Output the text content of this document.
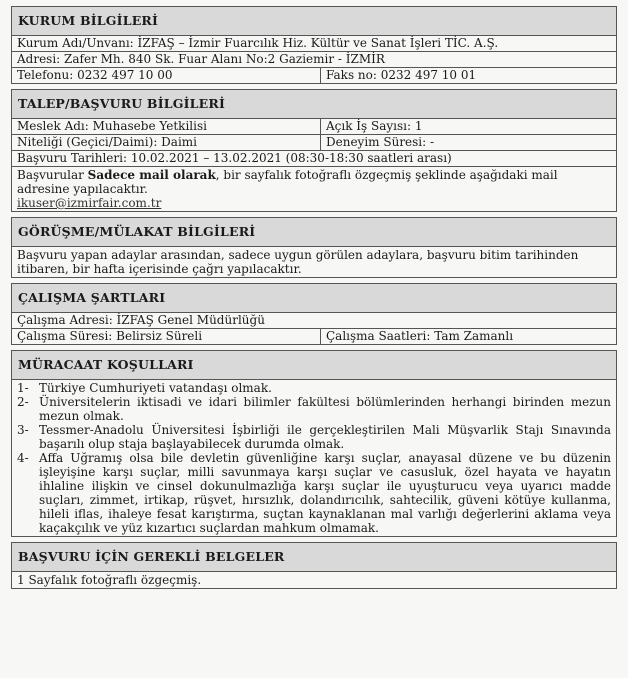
KURUM BİLGİLERİ
Kurum Adı/Unvanı: İZFAŞ – İzmir Fuarcılık Hiz. Kültür ve Sanat İşleri TİC. A.Ş.
Adresi: Zafer Mh. 840 Sk. Fuar Alanı No:2 Gaziemir - İZMİR
Telefonu: 0232 497 10 00	Faks no: 0232 497 10 01
TALEP/BAŞVURU BİLGİLERİ
Meslek Adı: Muhasebe Yetkilisi	Açık İş Sayısı: 1
Niteliği (Geçici/Daimi): Daimi	Deneyim Süresi: -
Başvuru Tarihleri: 10.02.2021 – 13.02.2021 (08:30-18:30 saatleri arası)
Başvurular Sadece mail olarak, bir sayfalık fotoğraflı özgeçmiş şeklinde aşağıdaki mail adresine yapılacaktır.
ikuser@izmirfair.com.tr
GÖRÜŞME/MÜLAKAT BİLGİLERİ
Başvuru yapan adaylar arasından, sadece uygun görülen adaylara, başvuru bitim tarihinden itibaren, bir hafta içerisinde çağrı yapılacaktır.
ÇALIŞMA ŞARTLARI
Çalışma Adresi: İZFAŞ Genel Müdürlüğü
Çalışma Süresi: Belirsiz Süreli	Çalışma Saatleri: Tam Zamanlı
MÜRACAAT KOŞULLARI
1- Türkiye Cumhuriyeti vatandaşı olmak.
2- Üniversitelerin iktisadi ve idari bilimler fakültesi bölümlerinden herhangi birinden mezun mezun olmak.
3- Tessmer-Anadolu Üniversitesi İşbirliği ile gerçekleştirilen Mali Müşvarlik Stajı Sınavında başarılı olup staja başlayabilecek durumda olmak.
4- Affa Uğramış olsa bile devletin güvenliğine karşı suçlar, anayasal düzene ve bu düzenin işleyişine karşı suçlar, milli savunmaya karşı suçlar ve casusluk, özel hayata ve hayatın ihlaline ilişkin ve cinsel dokunulmazlığa karşı suçlar ile uyuşturucu veya uyarıcı madde suçları, zimmet, irtikap, rüşvet, hırsızlık, dolandırıcılık, sahtecilik, güveni kötüye kullanma, hileli iflas, ihaleye fesat karıştırma, suçtan kaynaklanan mal varlığı değerlerini aklama veya kaçakçılık ve yüz kızartıcı suçlardan mahkum olmamak.
BAŞVURU İÇİN GEREKLİ BELGELER
1 Sayfalık fotoğraflı özgeçmiş.
